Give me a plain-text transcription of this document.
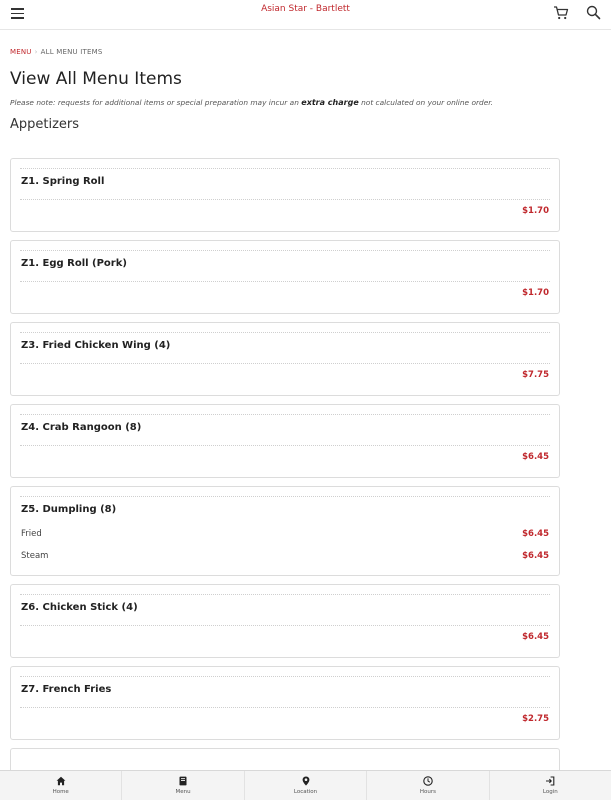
Asian Star - Bartlett
MENU › ALL MENU ITEMS
View All Menu Items
Please note: requests for additional items or special preparation may incur an extra charge not calculated on your online order.
Appetizers
Z1. Spring Roll
$1.70
Z1. Egg Roll (Pork)
$1.70
Z3. Fried Chicken Wing (4)
$7.75
Z4. Crab Rangoon (8)
$6.45
Z5. Dumpling (8)
Fried	$6.45
Steam	$6.45
Z6. Chicken Stick (4)
$6.45
Z7. French Fries
$2.75
Home	Menu	Location	Hours	Login
